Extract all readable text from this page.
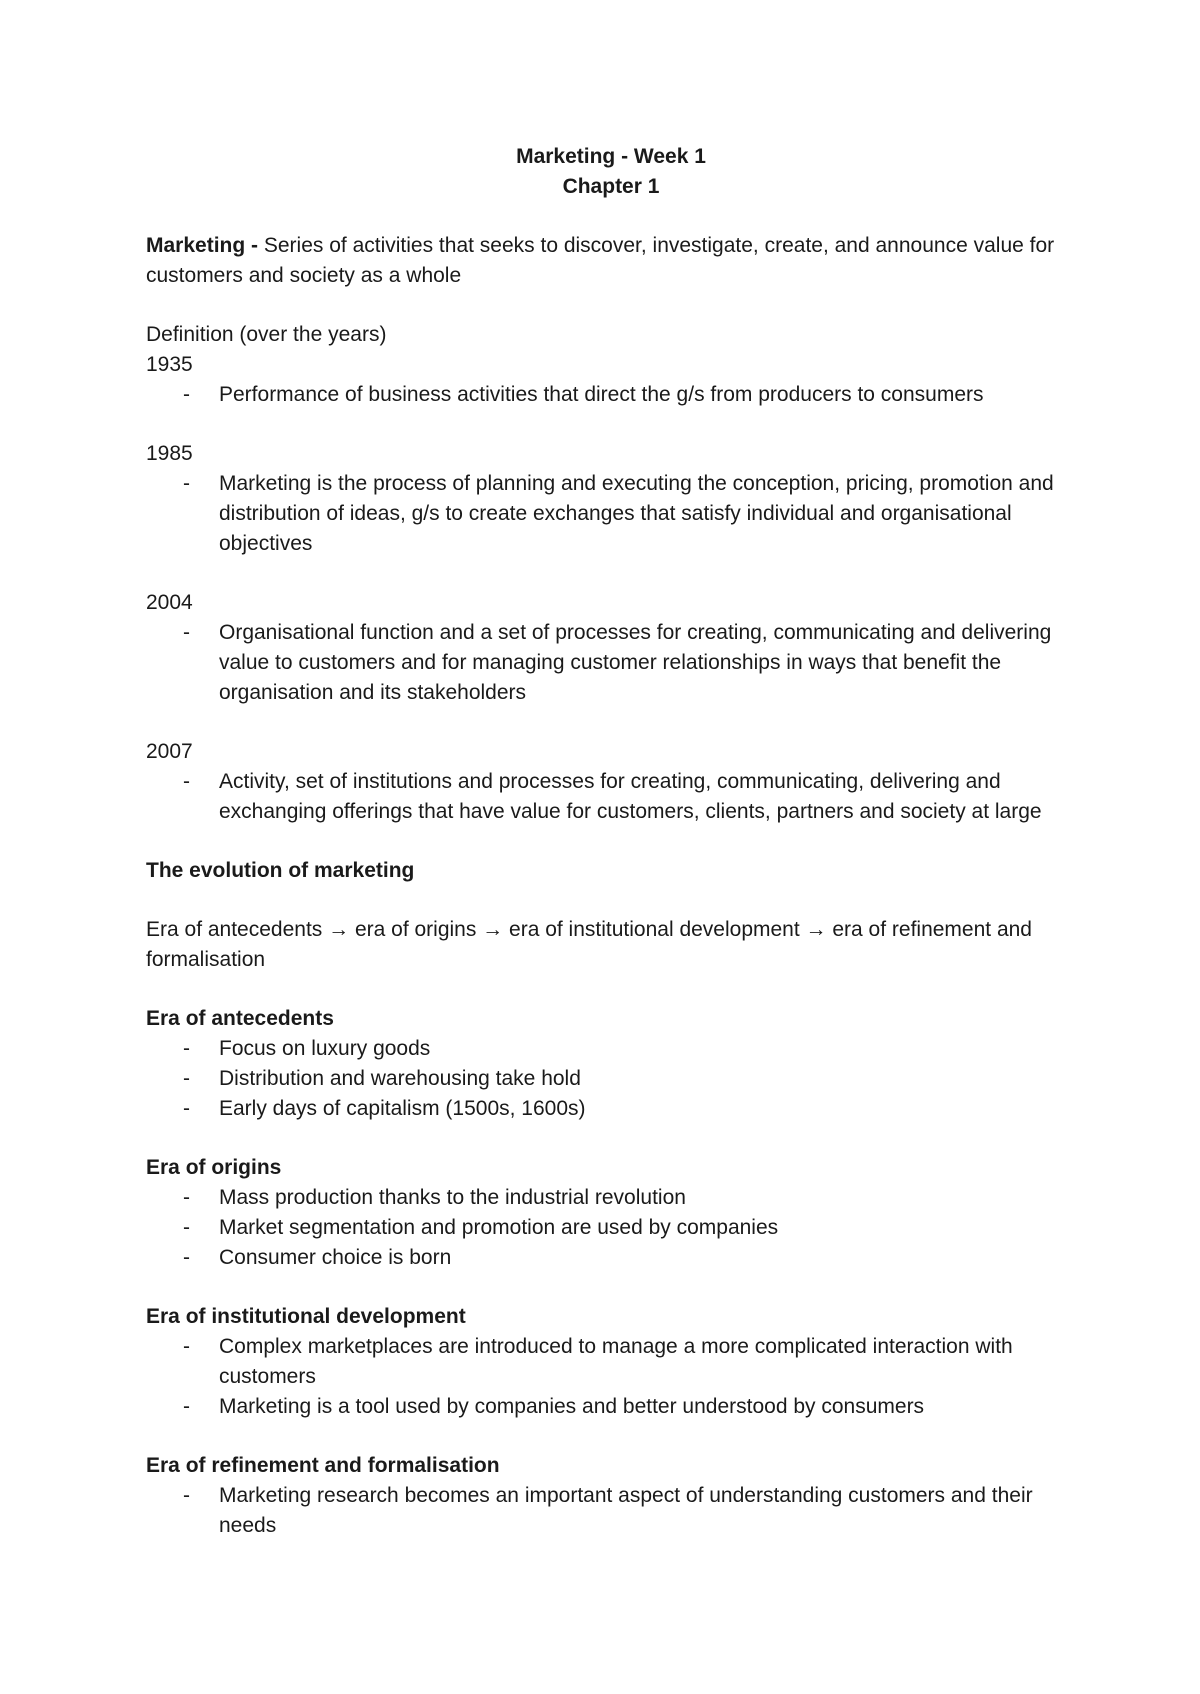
Marketing - Week 1

Chapter 1

Marketing - Series of activities that seeks to discover, investigate, create, and announce value for customers and society as a whole

Definition (over the years)

1935

- Performance of business activities that direct the g/s from producers to consumers

1985

- Marketing is the process of planning and executing the conception, pricing, promotion and distribution of ideas, g/s to create exchanges that satisfy individual and organisational objectives

2004

- Organisational function and a set of processes for creating, communicating and delivering value to customers and for managing customer relationships in ways that benefit the organisation and its stakeholders

2007

- Activity, set of institutions and processes for creating, communicating, delivering and exchanging offerings that have value for customers, clients, partners and society at large

The evolution of marketing

Era of antecedents → era of origins → era of institutional development → era of refinement and formalisation

Era of antecedents

- Focus on luxury goods
- Distribution and warehousing take hold
- Early days of capitalism (1500s, 1600s)

Era of origins

- Mass production thanks to the industrial revolution
- Market segmentation and promotion are used by companies
- Consumer choice is born

Era of institutional development

- Complex marketplaces are introduced to manage a more complicated interaction with customers
- Marketing is a tool used by companies and better understood by consumers

Era of refinement and formalisation

- Marketing research becomes an important aspect of understanding customers and their needs
